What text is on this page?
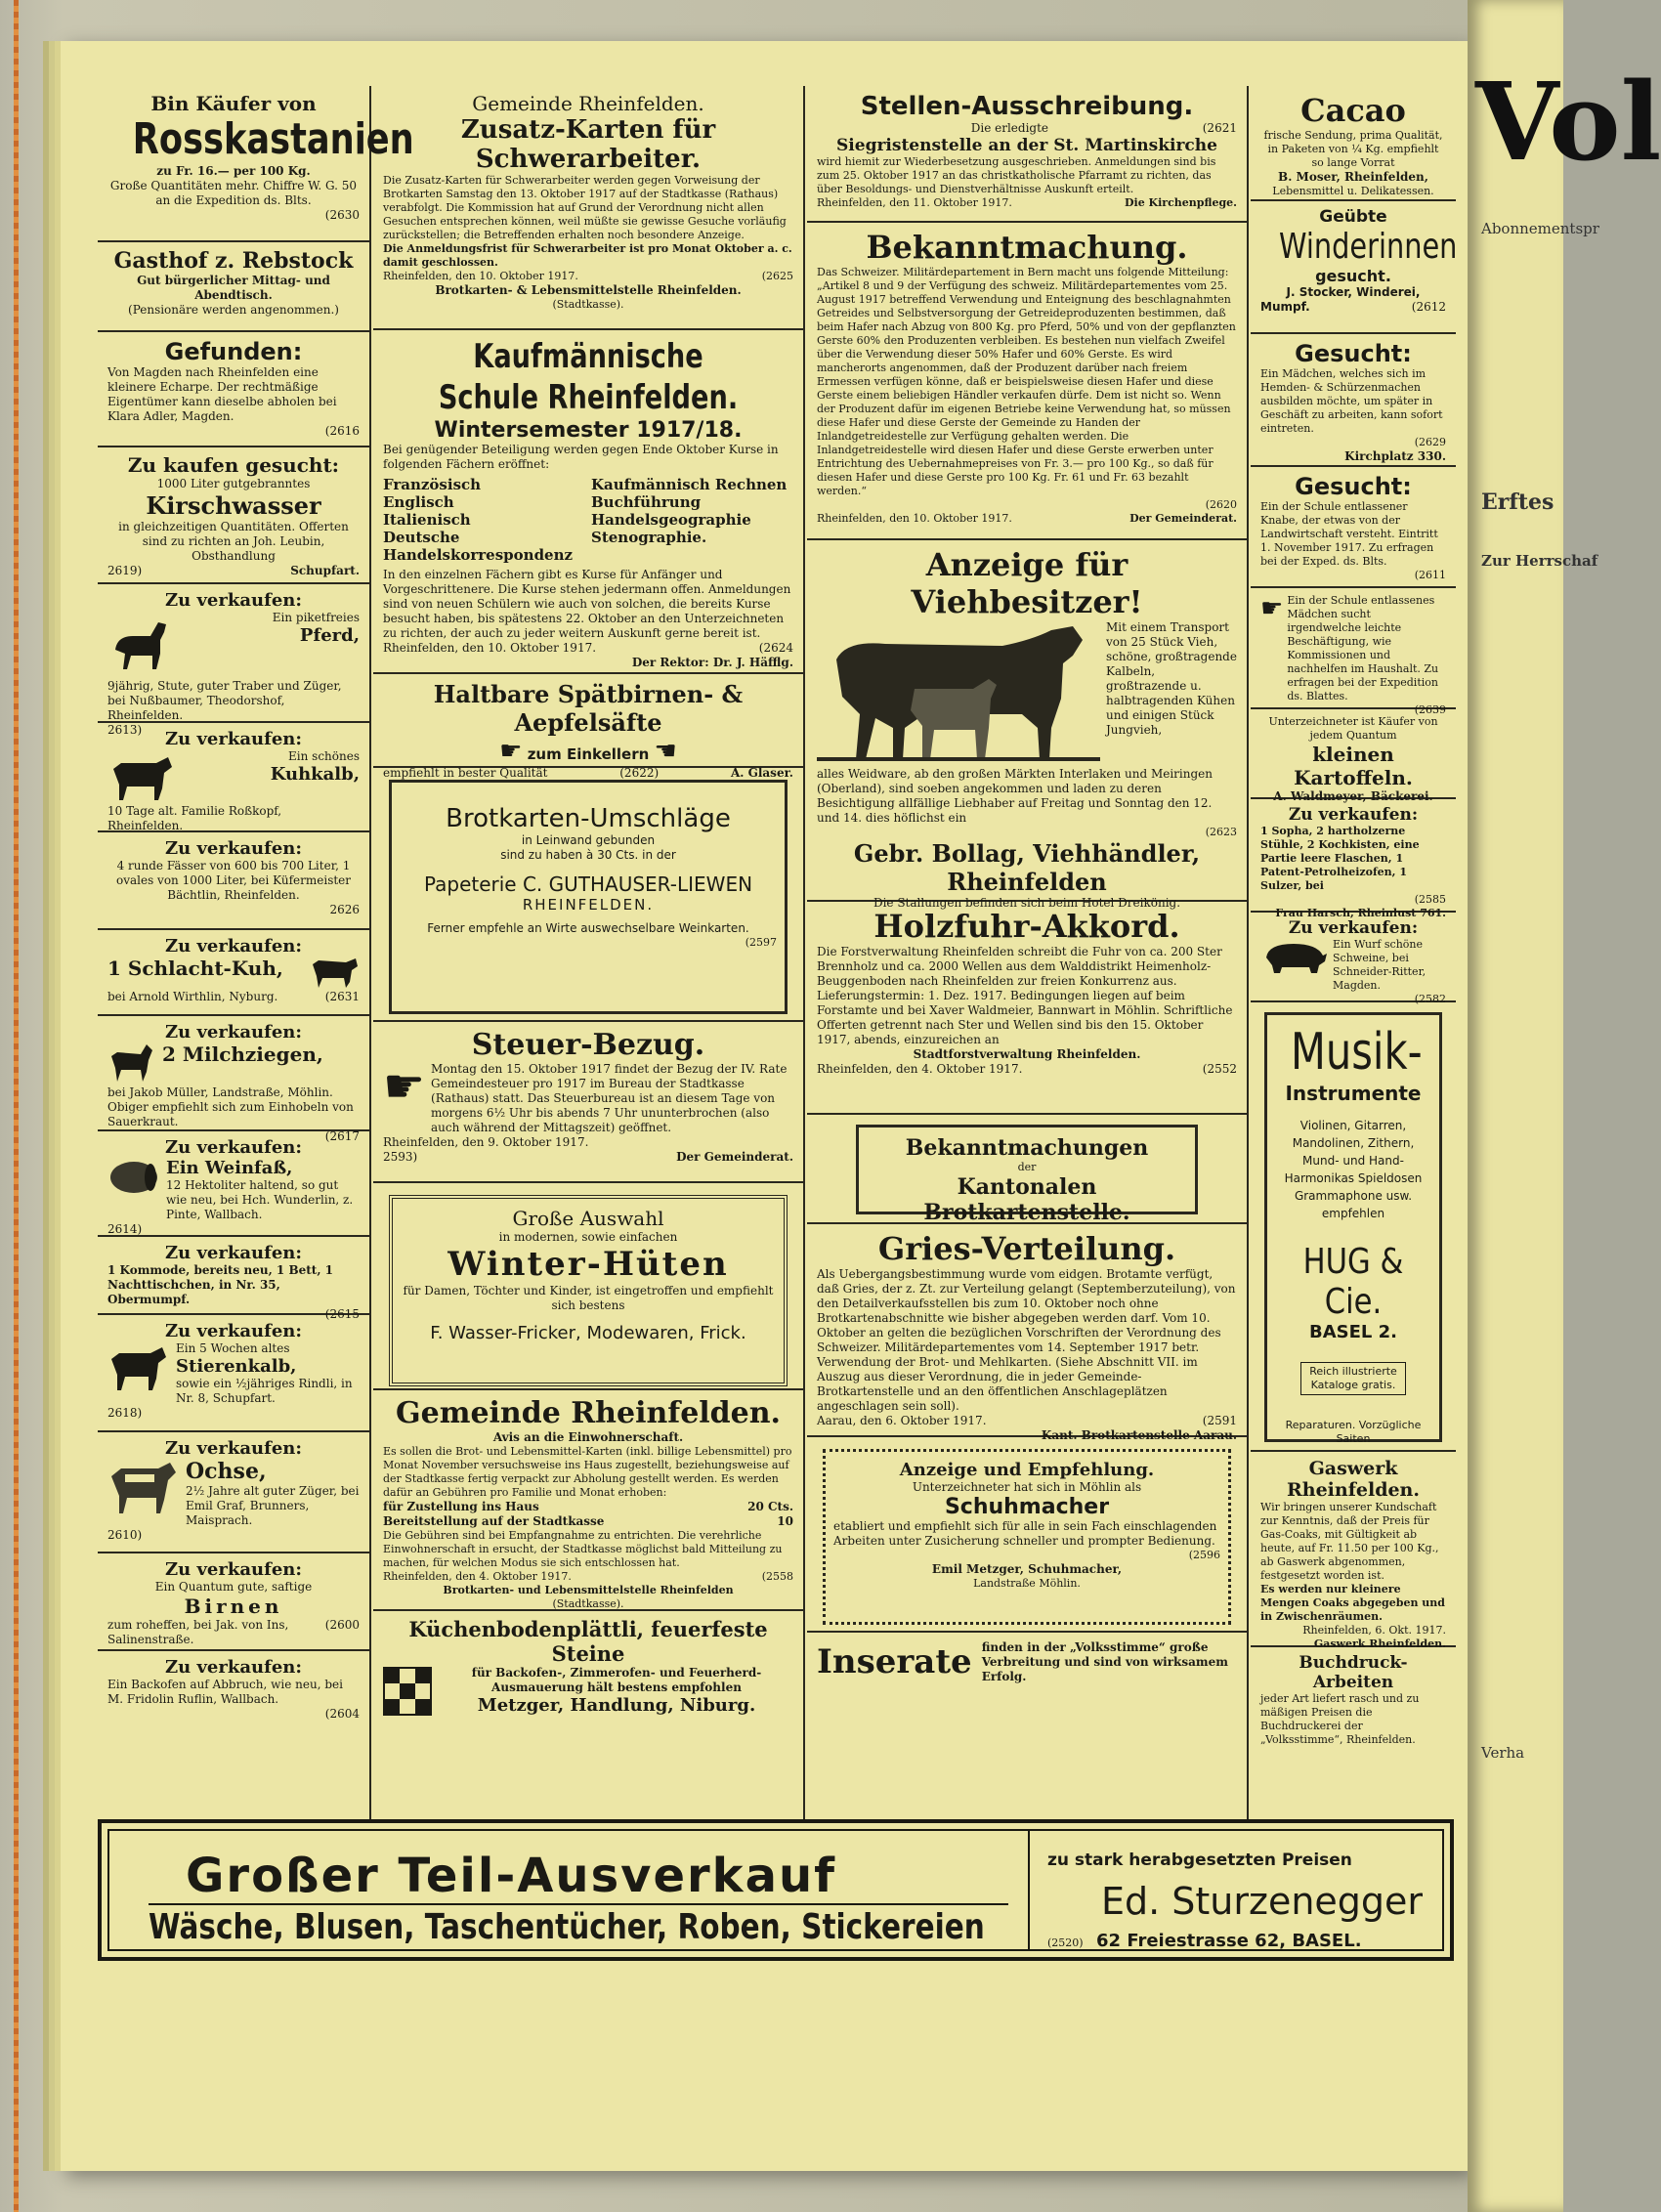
Bin Käufer von
Rosskastanien
zu Fr. 16.— per 100 Kg.
Große Quantitäten mehr. Chiffre W. G. 50 an die Expedition ds. Blts.
(2630
Gasthof z. Rebstock
Gut bürgerlicher Mittag- und Abendtisch.
(Pensionäre werden angenommen.)
Gefunden:
Von Magden nach Rheinfelden eine kleinere Echarpe. Der rechtmäßige Eigentümer kann dieselbe abholen bei Klara Adler, Magden.
(2616
Zu kaufen gesucht:
1000 Liter gutgebranntes
Kirschwasser
in gleichzeitigen Quantitäten. Offerten sind zu richten an Joh. Leubin, Obsthandlung
2619)	Schupfart.
Zu verkaufen:
Ein piketfreies
Pferd,
9jährig, Stute, guter Traber und Züger, bei Nußbaumer, Theodorshof, Rheinfelden.
2613)	Zu verkaufen:
Ein schönes
Kuhkalb,
10 Tage alt. Familie Roßkopf, Rheinfelden.
Zu verkaufen:
4 runde Fässer von 600 bis 700 Liter, 1 ovales von 1000 Liter, bei Küfermeister Bächtlin, Rheinfelden.
2626
Zu verkaufen:
1 Schlacht-Kuh,
bei Arnold Wirthlin, Nyburg.	(2631
Zu verkaufen:
2 Milchziegen,
bei Jakob Müller, Landstraße, Möhlin. Obiger empfiehlt sich zum Einhobeln von Sauerkraut.
(2617
Zu verkaufen:
Ein Weinfaß,
12 Hektoliter haltend, so gut wie neu, bei Hch. Wunderlin, z. Pinte, Wallbach.
2614)
Zu verkaufen:
1 Kommode, bereits neu, 1 Bett, 1 Nachttischchen, in Nr. 35, Obermumpf.
(2615
Zu verkaufen:
Ein 5 Wochen altes
Stierenkalb,
sowie ein ½jähriges Rindli, in Nr. 8, Schupfart.
2618)
Zu verkaufen:
Ochse,
2½ Jahre alt guter Züger, bei Emil Graf, Brunners, Maisprach.
2610)
Zu verkaufen:
Ein Quantum gute, saftige
Birnen
zum roheffen, bei Jak. von Ins, Salinenstraße.
(2600
Zu verkaufen:
Ein Backofen auf Abbruch, wie neu, bei M. Fridolin Ruflin, Wallbach.
(2604
Gemeinde Rheinfelden.
Zusatz-Karten für Schwerarbeiter.
Die Zusatz-Karten für Schwerarbeiter werden gegen Vorweisung der Brotkarten Samstag den 13. Oktober 1917 auf der Stadtkasse (Rathaus) verabfolgt. Die Kommission hat auf Grund der Verordnung nicht allen Gesuchen entsprechen können, weil müßte sie gewisse Gesuche vorläufig zurückstellen; die Betreffenden erhalten noch besondere Anzeige.
Die Anmeldungsfrist für Schwerarbeiter ist pro Monat Oktober a. c. damit geschlossen.
Rheinfelden, den 10. Oktober 1917.	(2625
Brotkarten- & Lebensmittelstelle Rheinfelden.
(Stadtkasse).
Kaufmännische Schule Rheinfelden.
Wintersemester 1917/18.
Bei genügender Beteiligung werden gegen Ende Oktober Kurse in folgenden Fächern eröffnet:
Französisch
Englisch
Italienisch
Deutsche Handelskorrespondenz
Kaufmännisch Rechnen
Buchführung
Handelsgeographie
Stenographie.
In den einzelnen Fächern gibt es Kurse für Anfänger und Vorgeschrittenere. Die Kurse stehen jedermann offen. Anmeldungen sind von neuen Schülern wie auch von solchen, die bereits Kurse besucht haben, bis spätestens 22. Oktober an den Unterzeichneten zu richten, der auch zu jeder weitern Auskunft gerne bereit ist.
Rheinfelden, den 10. Oktober 1917.	(2624
Der Rektor: Dr. J. Häfflg.
Haltbare Spätbirnen- & Aepfelsäfte
☛ zum Einkellern ☚
empfiehlt in bester Qualität	(2622)	A. Glaser.
Brotkarten-Umschläge
in Leinwand gebunden
sind zu haben à 30 Cts. in der
Papeterie C. GUTHAUSER-LIEWEN
RHEINFELDEN.
Ferner empfehle an Wirte auswechselbare Weinkarten.
(2597
Steuer-Bezug.
☛ Montag den 15. Oktober 1917 findet der Bezug der IV. Rate Gemeindesteuer pro 1917 im Bureau der Stadtkasse (Rathaus) statt. Das Steuerbureau ist an diesem Tage von morgens 6½ Uhr bis abends 7 Uhr ununterbrochen (also auch während der Mittagszeit) geöffnet.
Rheinfelden, den 9. Oktober 1917.
2593)	Der Gemeinderat.
Große Auswahl
in modernen, sowie einfachen
Winter-Hüten
für Damen, Töchter und Kinder, ist eingetroffen und empfiehlt sich bestens
F. Wasser-Fricker, Modewaren, Frick.
Gemeinde Rheinfelden.
Avis an die Einwohnerschaft.
Es sollen die Brot- und Lebensmittel-Karten (inkl. billige Lebensmittel) pro Monat November versuchsweise ins Haus zugestellt, beziehungsweise auf der Stadtkasse fertig verpackt zur Abholung gestellt werden. Es werden dafür an Gebühren pro Familie und Monat erhoben:
für Zustellung ins Haus	20 Cts.
Bereitstellung auf der Stadtkasse	10
Die Gebühren sind bei Empfangnahme zu entrichten. Die verehrliche Einwohnerschaft in ersucht, der Stadtkasse möglichst bald Mitteilung zu machen, für welchen Modus sie sich entschlossen hat.
Rheinfelden, den 4. Oktober 1917.	(2558
Brotkarten- und Lebensmittelstelle Rheinfelden
(Stadtkasse).
Küchenbodenplättli, feuerfeste Steine
für Backofen-, Zimmerofen- und Feuerherd-Ausmauerung hält bestens empfohlen
Metzger, Handlung, Niburg.
Stellen-Ausschreibung.
Die erledigte	(2621
Siegristenstelle an der St. Martinskirche
wird hiemit zur Wiederbesetzung ausgeschrieben. Anmeldungen sind bis zum 25. Oktober 1917 an das christkatholische Pfarramt zu richten, das über Besoldungs- und Dienstverhältnisse Auskunft erteilt.
Rheinfelden, den 11. Oktober 1917.	Die Kirchenpflege.
Bekanntmachung.
Das Schweizer. Militärdepartement in Bern macht uns folgende Mitteilung: „Artikel 8 und 9 der Verfügung des schweiz. Militärdepartementes vom 25. August 1917 betreffend Verwendung und Enteignung des beschlagnahmten Getreides und Selbstversorgung der Getreideproduzenten bestimmen, daß beim Hafer nach Abzug von 800 Kg. pro Pferd, 50% und von der gepflanzten Gerste 60% den Produzenten verbleiben. Es bestehen nun vielfach Zweifel über die Verwendung dieser 50% Hafer und 60% Gerste. Es wird mancherorts angenommen, daß der Produzent darüber nach freiem Ermessen verfügen könne, daß er beispielsweise diesen Hafer und diese Gerste einem beliebigen Händler verkaufen dürfe. Dem ist nicht so. Wenn der Produzent dafür im eigenen Betriebe keine Verwendung hat, so müssen diese Hafer und diese Gerste der Gemeinde zu Handen der Inlandgetreidestelle zur Verfügung gehalten werden. Die Inlandgetreidestelle wird diesen Hafer und diese Gerste erwerben unter Entrichtung des Uebernahmepreises von Fr. 3.— pro 100 Kg., so daß für diesen Hafer und diese Gerste pro 100 Kg. Fr. 61 und Fr. 63 bezahlt werden.“
(2620
Rheinfelden, den 10. Oktober 1917.	Der Gemeinderat.
Anzeige für Viehbesitzer!
Mit einem Transport von 25 Stück Vieh, schöne, großtragende Kalbeln, großtrazende u. halbtragenden Kühen und einigen Stück Jungvieh,
alles Weidware, ab den großen Märkten Interlaken und Meiringen (Oberland), sind soeben angekommen und laden zu deren Besichtigung allfällige Liebhaber auf Freitag und Sonntag den 12. und 14. dies höflichst ein
(2623
Gebr. Bollag, Viehhändler, Rheinfelden
Die Stallungen befinden sich beim Hotel Dreikönig.
Holzfuhr-Akkord.
Die Forstverwaltung Rheinfelden schreibt die Fuhr von ca. 200 Ster Brennholz und ca. 2000 Wellen aus dem Walddistrikt Heimenholz-Beuggenboden nach Rheinfelden zur freien Konkurrenz aus. Lieferungstermin: 1. Dez. 1917. Bedingungen liegen auf beim Forstamte und bei Xaver Waldmeier, Bannwart in Möhlin. Schriftliche Offerten getrennt nach Ster und Wellen sind bis den 15. Oktober 1917, abends, einzureichen an
Stadtforstverwaltung Rheinfelden.
Rheinfelden, den 4. Oktober 1917.	(2552
Bekanntmachungen
der
Kantonalen Brotkartenstelle.
Gries-Verteilung.
Als Uebergangsbestimmung wurde vom eidgen. Brotamte verfügt, daß Gries, der z. Zt. zur Verteilung gelangt (Septemberzuteilung), von den Detailverkaufsstellen bis zum 10. Oktober noch ohne Brotkartenabschnitte wie bisher abgegeben werden darf. Vom 10. Oktober an gelten die bezüglichen Vorschriften der Verordnung des Schweizer. Militärdepartementes vom 14. September 1917 betr. Verwendung der Brot- und Mehlkarten. (Siehe Abschnitt VII. im Auszug aus dieser Verordnung, die in jeder Gemeinde-Brotkartenstelle und an den öffentlichen Anschlageplätzen angeschlagen sein soll).
Aarau, den 6. Oktober 1917.	(2591
Kant. Brotkartenstelle Aarau.
Anzeige und Empfehlung.
Unterzeichneter hat sich in Möhlin als
Schuhmacher
etabliert und empfiehlt sich für alle in sein Fach einschlagenden Arbeiten unter Zusicherung schneller und prompter Bedienung.
(2596
Emil Metzger, Schuhmacher,
Landstraße Möhlin.
Inserate finden in der „Volksstimme“ große Verbreitung und sind von wirksamem Erfolg.
Cacao
frische Sendung, prima Qualität, in Paketen von ¼ Kg. empfiehlt so lange Vorrat
B. Moser, Rheinfelden,
Lebensmittel u. Delikatessen.
Geübte
Winderinnen
gesucht.
J. Stocker, Winderei,
Mumpf.	(2612
Gesucht:
Ein Mädchen, welches sich im Hemden- & Schürzenmachen ausbilden möchte, um später in Geschäft zu arbeiten, kann sofort eintreten.
(2629
Kirchplatz 330.
Gesucht:
Ein der Schule entlassener Knabe, der etwas von der Landwirtschaft versteht. Eintritt 1. November 1917. Zu erfragen bei der Exped. ds. Blts.
(2611
☛ Ein der Schule entlassenes Mädchen sucht irgendwelche leichte Beschäftigung, wie Kommissionen und nachhelfen im Haushalt. Zu erfragen bei der Expedition ds. Blattes.
(2639
Unterzeichneter ist Käufer von jedem Quantum
kleinen Kartoffeln.
A. Waldmeyer, Bäckerei.
Zu verkaufen:
1 Sopha, 2 hartholzerne Stühle, 2 Kochkisten, eine Partie leere Flaschen, 1 Patent-Petrolheizofen, 1 Sulzer, bei
(2585
Frau Harsch, Rheinlust 761.
Zu verkaufen:
Ein Wurf schöne Schweine, bei Schneider-Ritter, Magden.
(2582
Musik-
Instrumente
Violinen, Gitarren, Mandolinen, Zithern, Mund- und Hand-Harmonikas Spieldosen Grammaphone usw. empfehlen
HUG & Cie.
BASEL 2.
Reich illustrierte
Kataloge gratis.
Reparaturen. Vorzügliche Saiten
Gaswerk Rheinfelden.
Wir bringen unserer Kundschaft zur Kenntnis, daß der Preis für Gas-Coaks, mit Gültigkeit ab heute, auf Fr. 11.50 per 100 Kg., ab Gaswerk abgenommen, festgesetzt worden ist.
Es werden nur kleinere Mengen Coaks abgegeben und in Zwischenräumen.
Rheinfelden, 6. Okt. 1917.
Gaswerk Rheinfelden.
Buchdruck-Arbeiten
jeder Art liefert rasch und zu mäßigen Preisen die Buchdruckerei der „Volksstimme“, Rheinfelden.
Großer Teil-Ausverkauf
Wäsche, Blusen, Taschentücher, Roben, Stickereien
zu stark herabgesetzten Preisen
Ed. Sturzenegger
(2520) 62 Freiestrasse 62, BASEL.
Vol
Abonnementspr
Erftes
Zur Herrschaf
Verha
